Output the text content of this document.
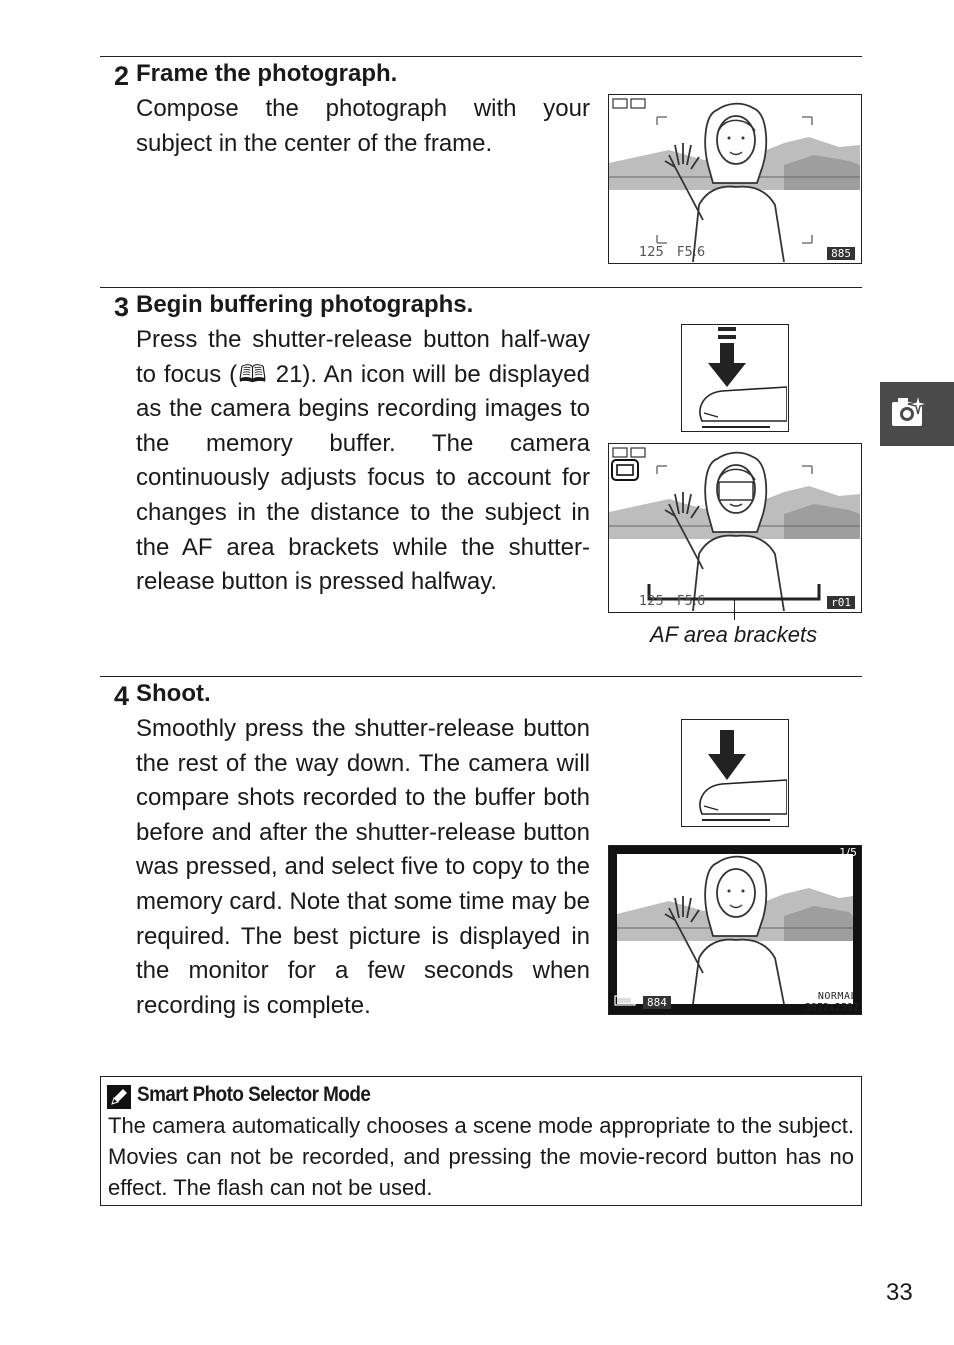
2 Frame the photograph.

Compose the photograph with your subject in the center of the frame.

125 F5.6	885
3 Begin buffering photographs.

Press the shutter-release button half-way to focus (🕮 21). An icon will be displayed as the camera begins recording images to the memory buffer. The camera continuously adjusts focus to account for changes in the distance to the subject in the AF area brackets while the shutter-release button is pressed halfway.

125 F5.6	r01
AF area brackets
4 Shoot.

Smoothly press the shutter-release button the rest of the way down. The camera will compare shots recorded to the buffer both before and after the shutter-release button was pressed, and select five to copy to the memory card. Note that some time may be required. The best picture is displayed in the monitor for a few seconds when recording is complete.

1/5
884	NORMAL
3872x2592
Smart Photo Selector Mode

The camera automatically chooses a scene mode appropriate to the subject. Movies can not be recorded, and pressing the movie-record button has no effect. The flash can not be used.

33
